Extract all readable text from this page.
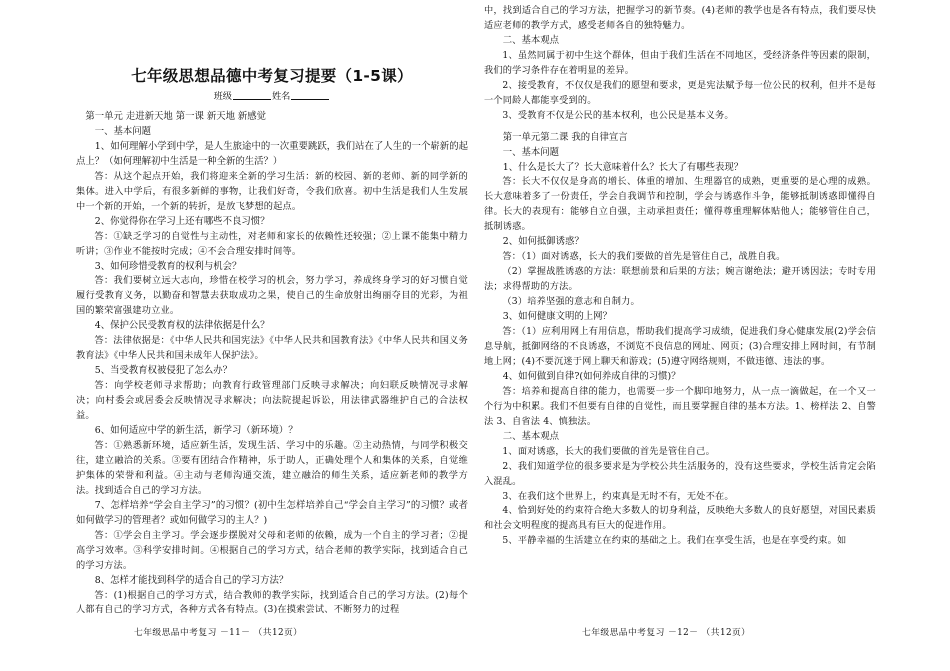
七年级思想品德中考复习提要（1-5课）
班级	姓名

第一单元 走进新天地 第一课 新天地 新感觉

一、基本问题

1、如何理解小学到中学，是人生旅途中的一次重要跳跃，我们站在了人生的一个崭新的起点上？（如何理解初中生活是一种全新的生活？）

答：从这个起点开始，我们将迎来全新的学习生活：新的校园、新的老师、新的同学新的集体。进入中学后，有很多新鲜的事物，让我们好奇，令我们欣喜。初中生活是我们人生发展中一个新的开始，一个新的转折，是放飞梦想的起点。

2、你觉得你在学习上还有哪些不良习惯？

答：①缺乏学习的自觉性与主动性，对老师和家长的依赖性还较强；②上课不能集中精力听讲；③作业不能按时完成；④不会合理安排时间等。

3、如何珍惜受教育的权利与机会？

答：我们要树立远大志向，珍惜在校学习的机会，努力学习，养成终身学习的好习惯自觉履行受教育义务，以勤奋和智慧去获取成功之果，使自己的生命放射出绚丽夺目的光彩，为祖国的繁荣富强建功立业。

4、保护公民受教育权的法律依据是什么？

答：法律依据是：《中华人民共和国宪法》《中华人民共和国教育法》《中华人民共和国义务教育法》《中华人民共和国未成年人保护法》。

5、当受教育权被侵犯了怎么办？

答：向学校老师寻求帮助；向教育行政管理部门反映寻求解决；向妇联反映情况寻求解决；向村委会或居委会反映情况寻求解决；向法院提起诉讼，用法律武器维护自己的合法权益。

6、如何适应中学的新生活，新学习（新环境）？

答：①熟悉新环境，适应新生活，发现生活、学习中的乐趣。②主动热情，与同学积极交往，建立融洽的关系。③要有团结合作精神，乐于助人，正确处理个人和集体的关系，自觉维护集体的荣誉和利益。④主动与老师沟通交流，建立融洽的师生关系，适应新老师的教学方法。找到适合自己的学习方法。

7、怎样培养“学会自主学习”的习惯？(初中生怎样培养自己“学会自主学习”的习惯？或者如何做学习的管理者？或如何做学习的主人？)

答：①学会自主学习。学会逐步摆脱对父母和老师的依赖，成为一个自主的学习者；②提高学习效率。③科学安排时间。④根据自己的学习方式，结合老师的教学实际，找到适合自己的学习方法。

8、怎样才能找到科学的适合自己的学习方法？

答：(1)根据自己的学习方式，结合教师的教学实际，找到适合自己的学习方法。(2)每个人都有自己的学习方式，各种方式各有特点。(3)在摸索尝试、不断努力的过程

中，找到适合自己的学习方法，把握学习的新节奏。(4)老师的教学也是各有特点，我们要尽快适应老师的教学方式，感受老师各自的独特魅力。

二、基本观点

1、虽然同属于初中生这个群体，但由于我们生活在不同地区，受经济条件等因素的限制，我们的学习条件存在着明显的差异。

2、接受教育，不仅仅是我们的愿望和要求，更是宪法赋予每一位公民的权利，但并不是每一个同龄人都能享受到的。

3、受教育不仅是公民的基本权利，也公民是基本义务。

第一单元第二课 我的自律宣言

一、基本问题

1、什么是长大了？长大意味着什么？长大了有哪些表现？

答：长大不仅仅是身高的增长、体重的增加、生理器官的成熟，更重要的是心理的成熟。长大意味着多了一份责任，学会自我调节和控制，学会与诱惑作斗争，能够抵制诱惑即懂得自律。长大的表现有：能够自立自强，主动承担责任；懂得尊重理解体贴他人；能够管住自己，抵制诱惑。

2、如何抵御诱惑？

答：（1）面对诱惑，长大的我们要做的首先是管住自己，战胜自我。

（2）掌握战胜诱惑的方法：联想前景和后果的方法；婉言谢绝法；避开诱因法；专时专用法；求得帮助的方法。

（3）培养坚强的意志和自制力。

3、如何健康文明的上网？

答：（1）应利用网上有用信息，帮助我们提高学习成绩，促进我们身心健康发展(2)学会信息导航，抵御网络的不良诱惑，不浏览不良信息的网址、网页；(3)合理安排上网时间，有节制地上网；(4)不要沉迷于网上聊天和游戏；(5)遵守网络规则，不做违德、违法的事。

4、如何做到自律?(如何养成自律的习惯)？

答：培养和提高自律的能力，也需要一步一个脚印地努力，从一点一滴做起，在一个又一个行为中积累。我们不但要有自律的自觉性，而且要掌握自律的基本方法。1、榜样法 2、自警法 3、自省法 4、慎独法。

二、基本观点

1、面对诱惑，长大的我们要做的首先是管住自己。

2、我们知道学位的很多要求是为学校公共生活服务的，没有这些要求，学校生活肯定会陷入混乱。

3、在我们这个世界上，约束真是无时不有，无处不在。

4、恰到好处的约束符合绝大多数人的切身利益，反映绝大多数人的良好愿望，对国民素质和社会文明程度的提高具有巨大的促进作用。

5、平静幸福的生活建立在约束的基础之上。我们在享受生活，也是在享受约束。如

七年级思品中考复习 －11－ （共12页）	七年级思品中考复习 －12－ （共12页）
